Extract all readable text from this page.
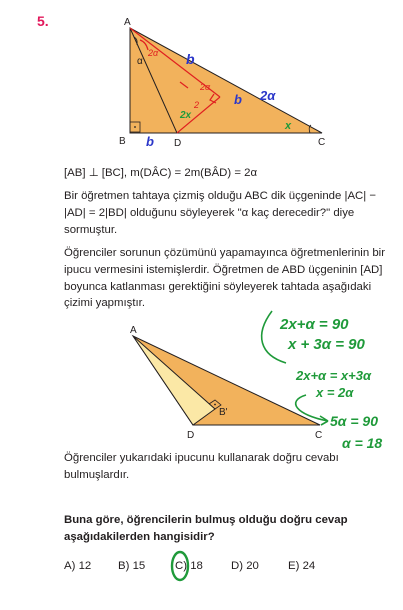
5.	A
B	D	C
α
2α
2α
2
b
b 2α
b
2x
x
[AB] ⊥ [BC], m(DÂC) = 2m(BÂD) = 2α

Bir öğretmen tahtaya çizmiş olduğu ABC dik üçgeninde |AC| − |AD| = 2|BD| olduğunu söyleyerek "α kaç derecedir?" diye sormuştur.

Öğrenciler sorunun çözümünü yapamayınca öğretmenlerinin bir ipucu vermesini istemişlerdir. Öğretmen de ABD üçgeninin [AD] boyunca katlanması gerektiğini söyleyerek tahtada aşağıdaki çizimi yapmıştır.

A
B'
D	C
2x+α = 90
x + 3α = 90
2x+α = x+3α
x = 2α
5α = 90
α = 18

Öğrenciler yukarıdaki ipucunu kullanarak doğru cevabı bulmuşlardır.

Buna göre, öğrencilerin bulmuş olduğu doğru cevap aşağıdakilerden hangisidir?

A) 12 B) 15	C) 18 D) 20	E) 24
